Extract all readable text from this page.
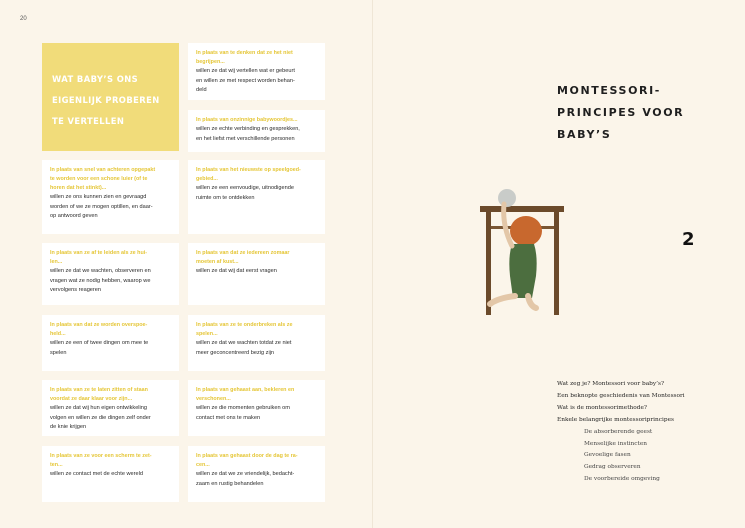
20
WAT BABY’S ONS
EIGENLIJK PROBEREN
TE VERTELLEN
In plaats van te denken dat ze het niet
begrijpen...
willen ze dat wij vertellen wat er gebeurt
en willen ze met respect worden behan-
deld
In plaats van onzinnige babywoordjes...
willen ze echte verbinding en gesprekken,
en het liefst met verschillende personen
In plaats van snel van achteren opgepakt
te worden voor een schone luier (of te
horen dat het stinkt)...
willen ze ons kunnen zien en gevraagd
worden of we ze mogen optillen, en daar-
op antwoord geven
In plaats van het nieuwste op speelgoed-
gebied...
willen ze een eenvoudige, uitnodigende
ruimte om te ontdekken
In plaats van ze af te leiden als ze hui-
len...
willen ze dat we wachten, observeren en
vragen wat ze nodig hebben, waarop we
vervolgens reageren
In plaats van dat ze iedereen zomaar
moeten af kust...
willen ze dat wij dat eerst vragen
In plaats van dat ze worden overspoe-
held...
willen ze een of twee dingen om mee te
spelen
In plaats van ze te onderbreken als ze
spelen...
willen ze dat we wachten totdat ze niet
meer geconcentreerd bezig zijn
In plaats van ze te laten zitten of staan
voordat ze daar klaar voor zijn...
willen ze dat wij hun eigen ontwikkeling
volgen en willen ze die dingen zelf onder
de knie krijgen
In plaats van gehaast aan, bekleren en
verschonen...
willen ze die momenten gebruiken om
contact met ons te maken
In plaats van ze voor een scherm te zet-
ten...
willen ze contact met de echte wereld
In plaats van gehaast door de dag te ra-
cen...
willen ze dat we ze vriendelijk, bedacht-
zaam en rustig behandelen
MONTESSORI-
PRINCIPES VOOR
BABY’S
2
Wat zeg je? Montessori voor baby’s?
Een beknopte geschiedenis van Montessori
Wat is de montessorimethode?
Enkele belangrijke montessoriprincipes
De absorberende geest
Menselijke instincten
Gevoelige fasen
Gedrag observeren
De voorbereide omgeving
